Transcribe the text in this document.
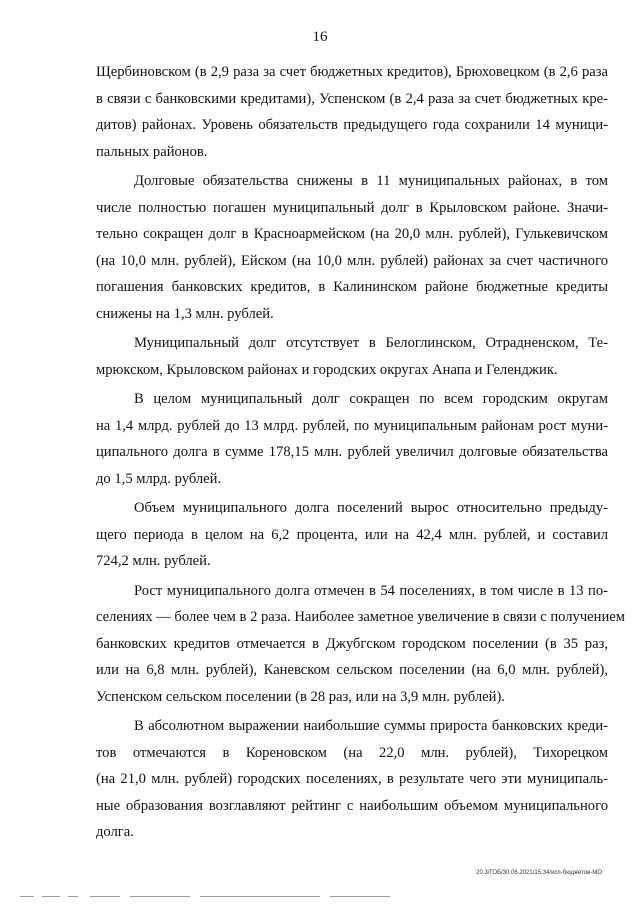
16
Щербиновском (в 2,9 раза за счет бюджетных кредитов), Брюховецком (в 2,6 раза
в связи с банковскими кредитами), Успенском (в 2,4 раза за счет бюджетных кре-
дитов) районах. Уровень обязательств предыдущего года сохранили 14 муници-
пальных районов.
Долговые обязательства снижены в 11 муниципальных районах, в том
числе полностью погашен муниципальный долг в Крыловском районе. Значи-
тельно сокращен долг в Красноармейском (на 20,0 млн. рублей), Гулькевичском
(на 10,0 млн. рублей), Ейском (на 10,0 млн. рублей) районах за счет частичного
погашения банковских кредитов, в Калининском районе бюджетные кредиты
снижены на 1,3 млн. рублей.
Муниципальный долг отсутствует в Белоглинском, Отрадненском, Те-
мрюкском, Крыловском районах и городских округах Анапа и Геленджик.
В целом муниципальный долг сокращен по всем городским округам
на 1,4 млрд. рублей до 13 млрд. рублей, по муниципальным районам рост муни-
ципального долга в сумме 178,15 млн. рублей увеличил долговые обязательства
до 1,5 млрд. рублей.
Объем муниципального долга поселений вырос относительно предыду-
щего периода в целом на 6,2 процента, или на 42,4 млн. рублей, и составил
724,2 млн. рублей.
Рост муниципального долга отмечен в 54 поселениях, в том числе в 13 по-
селениях — более чем в 2 раза. Наиболее заметное увеличение в связи с получением
банковских кредитов отмечается в Джубгском городском поселении (в 35 раз,
или на 6,8 млн. рублей), Каневском сельском поселении (на 6,0 млн. рублей),
Успенском сельском поселении (в 28 раз, или на 3,9 млн. рублей).
В абсолютном выражении наибольшие суммы прироста банковских креди-
тов отмечаются в Кореновском (на 22,0 млн. рублей), Тихорецком
(на 21,0 млн. рублей) городских поселениях, в результате чего эти муниципаль-
ные образования возглавляют рейтинг с наибольшим объемом муниципального
долга.
20.3/ГОБ/30.06.2021/15:34/исп-бюджетов-МО
